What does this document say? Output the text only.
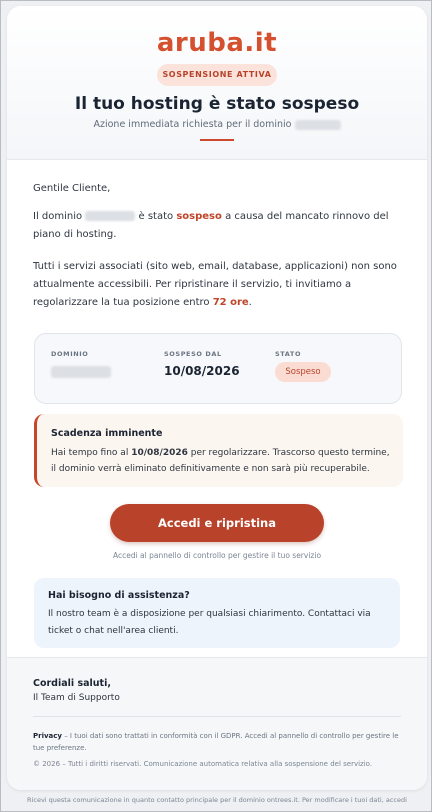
aruba.it
SOSPENSIONE ATTIVA
Il tuo hosting è stato sospeso
Azione immediata richiesta per il dominio
Gentile Cliente,
Il dominio	è stato sospeso a causa del mancato rinnovo del piano di hosting.
Tutti i servizi associati (sito web, email, database, applicazioni) non sono attualmente accessibili. Per ripristinare il servizio, ti invitiamo a regolarizzare la tua posizione entro 72 ore.
DOMINIO	SOSPESO DAL
10/08/2026
STATO
Sospeso
Scadenza imminente
Hai tempo fino al 10/08/2026 per regolarizzare. Trascorso questo termine, il dominio verrà eliminato definitivamente e non sarà più recuperabile.
Accedi e ripristina
Accedi al pannello di controllo per gestire il tuo servizio
Hai bisogno di assistenza?
Il nostro team è a disposizione per qualsiasi chiarimento. Contattaci via ticket o chat nell'area clienti.
Cordiali saluti,
Il Team di Supporto
Privacy – I tuoi dati sono trattati in conformità con il GDPR. Accedi al pannello di controllo per gestire le tue preferenze.
© 2026 – Tutti i diritti riservati. Comunicazione automatica relativa alla sospensione del servizio.
Ricevi questa comunicazione in quanto contatto principale per il dominio ontrees.it. Per modificare i tuoi dati, accedi
